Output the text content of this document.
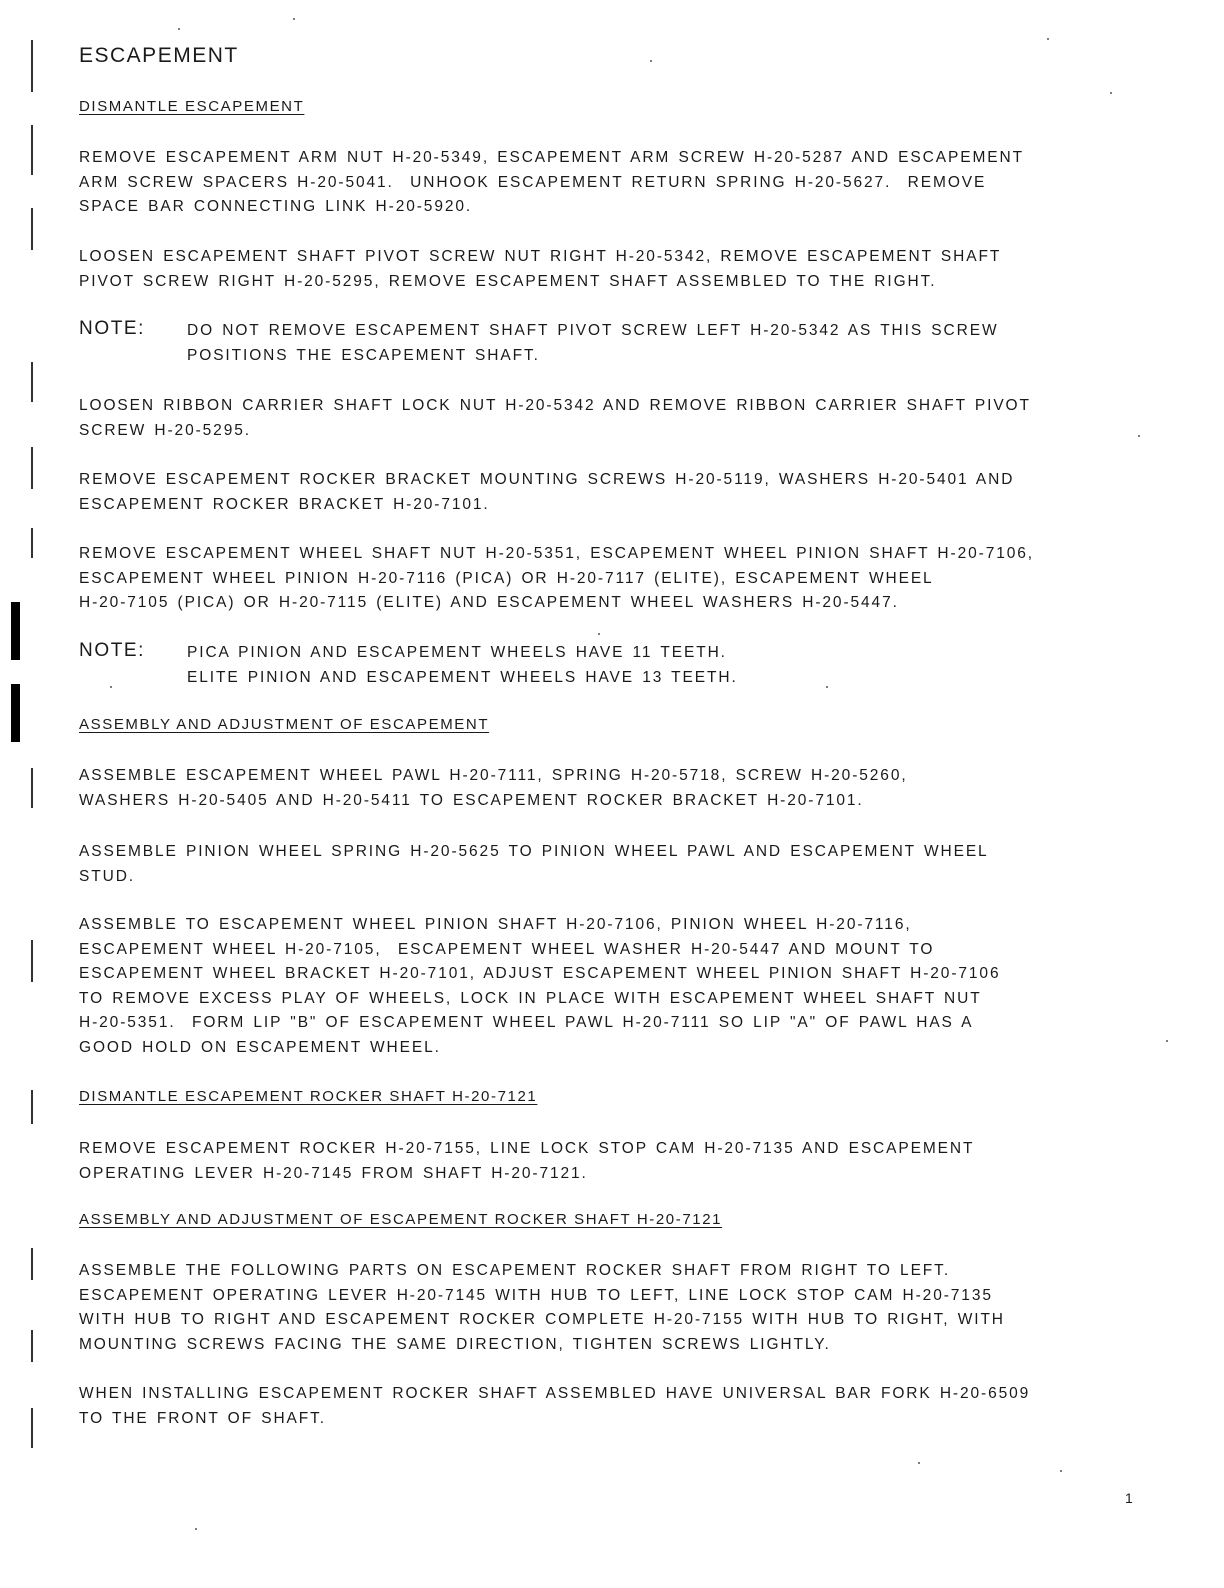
ESCAPEMENT
DISMANTLE ESCAPEMENT

REMOVE ESCAPEMENT ARM NUT H-20-5349, ESCAPEMENT ARM SCREW H-20-5287 AND ESCAPEMENT
ARM SCREW SPACERS H-20-5041.  UNHOOK ESCAPEMENT RETURN SPRING H-20-5627.  REMOVE
SPACE BAR CONNECTING LINK H-20-5920.

LOOSEN ESCAPEMENT SHAFT PIVOT SCREW NUT RIGHT H-20-5342, REMOVE ESCAPEMENT SHAFT
PIVOT SCREW RIGHT H-20-5295, REMOVE ESCAPEMENT SHAFT ASSEMBLED TO THE RIGHT.

NOTE:	DO NOT REMOVE ESCAPEMENT SHAFT PIVOT SCREW LEFT H-20-5342 AS THIS SCREW
POSITIONS THE ESCAPEMENT SHAFT.

LOOSEN RIBBON CARRIER SHAFT LOCK NUT H-20-5342 AND REMOVE RIBBON CARRIER SHAFT PIVOT
SCREW H-20-5295.

REMOVE ESCAPEMENT ROCKER BRACKET MOUNTING SCREWS H-20-5119, WASHERS H-20-5401 AND
ESCAPEMENT ROCKER BRACKET H-20-7101.

REMOVE ESCAPEMENT WHEEL SHAFT NUT H-20-5351, ESCAPEMENT WHEEL PINION SHAFT H-20-7106,
ESCAPEMENT WHEEL PINION H-20-7116 (PICA) OR H-20-7117 (ELITE), ESCAPEMENT WHEEL
H-20-7105 (PICA) OR H-20-7115 (ELITE) AND ESCAPEMENT WHEEL WASHERS H-20-5447.

NOTE:	PICA PINION AND ESCAPEMENT WHEELS HAVE 11 TEETH.
ELITE PINION AND ESCAPEMENT WHEELS HAVE 13 TEETH.

ASSEMBLY AND ADJUSTMENT OF ESCAPEMENT

ASSEMBLE ESCAPEMENT WHEEL PAWL H-20-7111, SPRING H-20-5718, SCREW H-20-5260,
WASHERS H-20-5405 AND H-20-5411 TO ESCAPEMENT ROCKER BRACKET H-20-7101.

ASSEMBLE PINION WHEEL SPRING H-20-5625 TO PINION WHEEL PAWL AND ESCAPEMENT WHEEL
STUD.

ASSEMBLE TO ESCAPEMENT WHEEL PINION SHAFT H-20-7106, PINION WHEEL H-20-7116,
ESCAPEMENT WHEEL H-20-7105,  ESCAPEMENT WHEEL WASHER H-20-5447 AND MOUNT TO
ESCAPEMENT WHEEL BRACKET H-20-7101, ADJUST ESCAPEMENT WHEEL PINION SHAFT H-20-7106
TO REMOVE EXCESS PLAY OF WHEELS, LOCK IN PLACE WITH ESCAPEMENT WHEEL SHAFT NUT
H-20-5351.  FORM LIP "B" OF ESCAPEMENT WHEEL PAWL H-20-7111 SO LIP "A" OF PAWL HAS A
GOOD HOLD ON ESCAPEMENT WHEEL.

DISMANTLE ESCAPEMENT ROCKER SHAFT H-20-7121

REMOVE ESCAPEMENT ROCKER H-20-7155, LINE LOCK STOP CAM H-20-7135 AND ESCAPEMENT
OPERATING LEVER H-20-7145 FROM SHAFT H-20-7121.

ASSEMBLY AND ADJUSTMENT OF ESCAPEMENT ROCKER SHAFT H-20-7121

ASSEMBLE THE FOLLOWING PARTS ON ESCAPEMENT ROCKER SHAFT FROM RIGHT TO LEFT.
ESCAPEMENT OPERATING LEVER H-20-7145 WITH HUB TO LEFT, LINE LOCK STOP CAM H-20-7135
WITH HUB TO RIGHT AND ESCAPEMENT ROCKER COMPLETE H-20-7155 WITH HUB TO RIGHT, WITH
MOUNTING SCREWS FACING THE SAME DIRECTION, TIGHTEN SCREWS LIGHTLY.

WHEN INSTALLING ESCAPEMENT ROCKER SHAFT ASSEMBLED HAVE UNIVERSAL BAR FORK H-20-6509
TO THE FRONT OF SHAFT.

1
